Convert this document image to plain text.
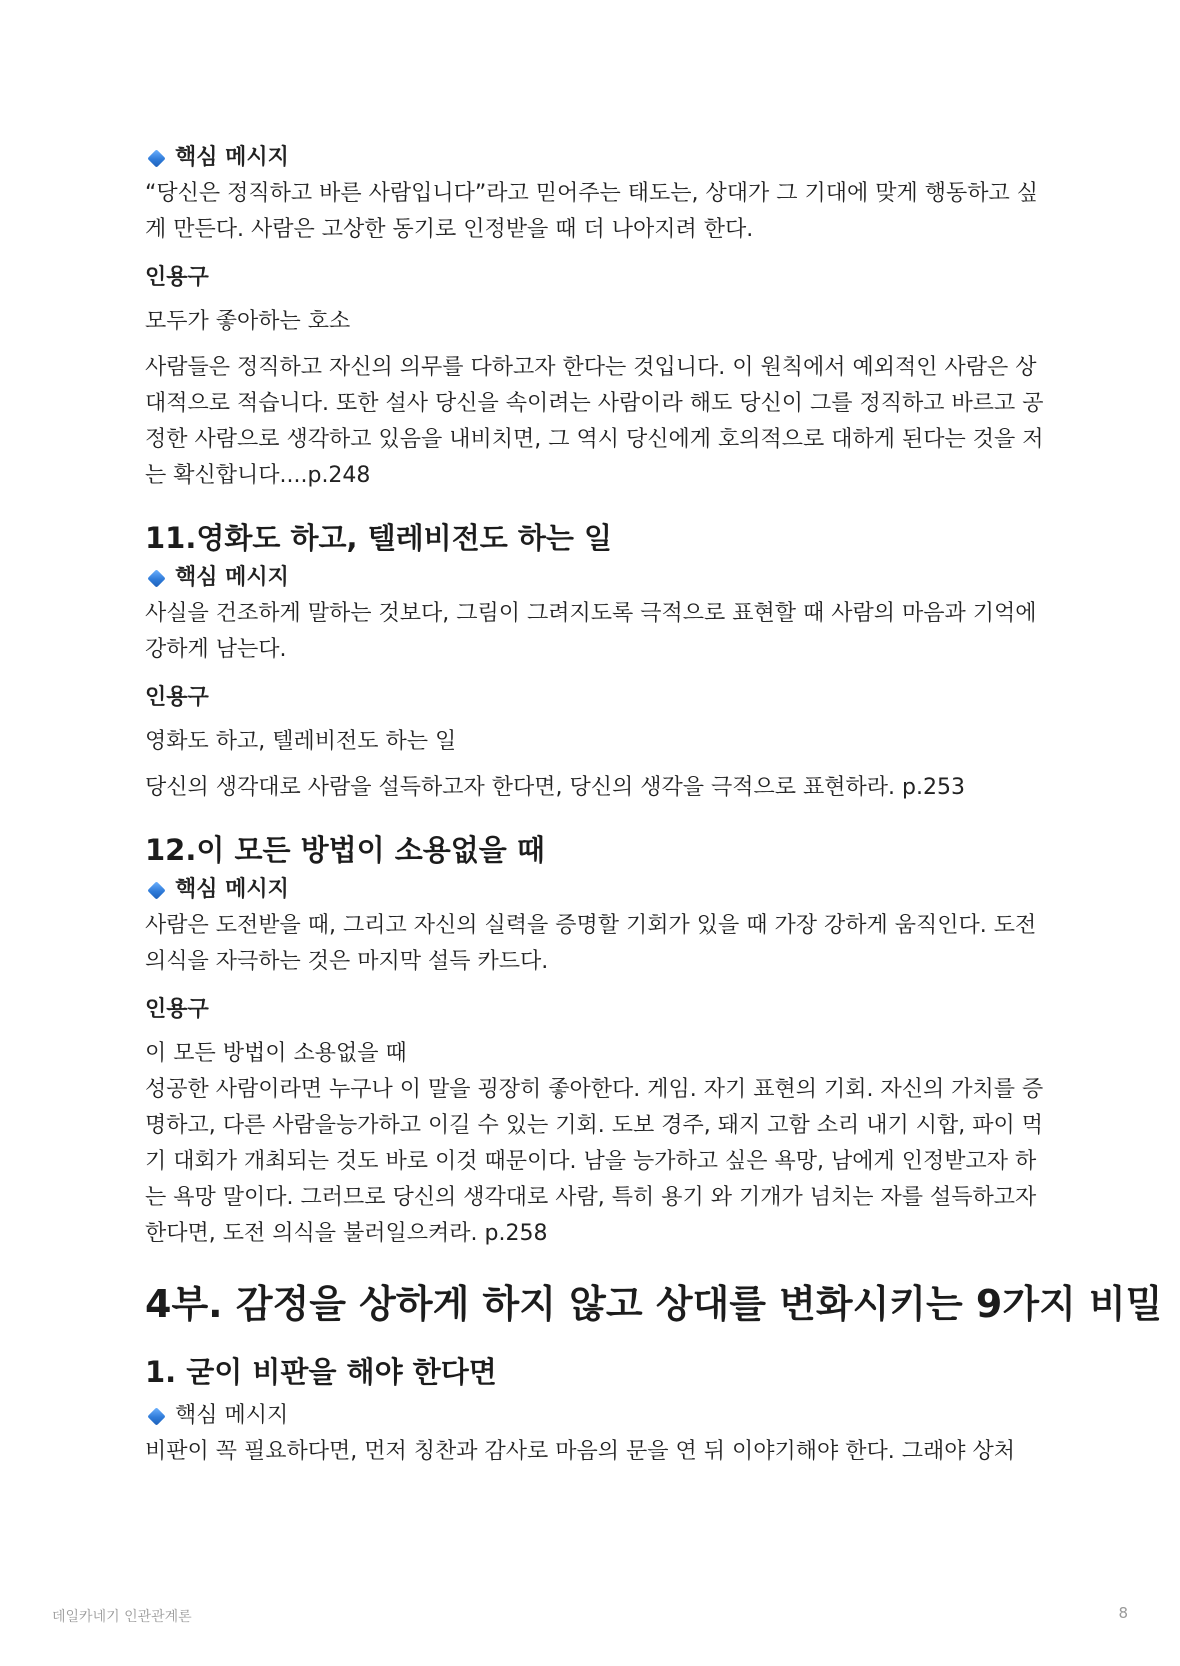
핵심 메시지

“당신은 정직하고 바른 사람입니다”라고 믿어주는 태도는, 상대가 그 기대에 맞게 행동하고 싶게 만든다. 사람은 고상한 동기로 인정받을 때 더 나아지려 한다.

인용구

모두가 좋아하는 호소

사람들은 정직하고 자신의 의무를 다하고자 한다는 것입니다. 이 원칙에서 예외적인 사람은 상대적으로 적습니다. 또한 설사 당신을 속이려는 사람이라 해도 당신이 그를 정직하고 바르고 공정한 사람으로 생각하고 있음을 내비치면, 그 역시 당신에게 호의적으로 대하게 된다는 것을 저는 확신합니다....p.248

11.영화도 하고, 텔레비전도 하는 일
핵심 메시지

사실을 건조하게 말하는 것보다, 그림이 그려지도록 극적으로 표현할 때 사람의 마음과 기억에 강하게 남는다.

인용구

영화도 하고, 텔레비전도 하는 일

당신의 생각대로 사람을 설득하고자 한다면, 당신의 생각을 극적으로 표현하라. p.253

12.이 모든 방법이 소용없을 때
핵심 메시지

사람은 도전받을 때, 그리고 자신의 실력을 증명할 기회가 있을 때 가장 강하게 움직인다. 도전의식을 자극하는 것은 마지막 설득 카드다.

인용구

이 모든 방법이 소용없을 때

성공한 사람이라면 누구나 이 말을 굉장히 좋아한다. 게임. 자기 표현의 기회. 자신의 가치를 증명하고, 다른 사람을능가하고 이길 수 있는 기회. 도보 경주, 돼지 고함 소리 내기 시합, 파이 먹기 대회가 개최되는 것도 바로 이것 때문이다. 남을 능가하고 싶은 욕망, 남에게 인정받고자 하는 욕망 말이다. 그러므로 당신의 생각대로 사람, 특히 용기 와 기개가 넘치는 자를 설득하고자 한다면, 도전 의식을 불러일으켜라. p.258

4부. 감정을 상하게 하지 않고 상대를 변화시키는 9가지 비밀
1. 굳이 비판을 해야 한다면
핵심 메시지

비판이 꼭 필요하다면, 먼저 칭찬과 감사로 마음의 문을 연 뒤 이야기해야 한다. 그래야 상처

데일카네기 인관관계론	8
